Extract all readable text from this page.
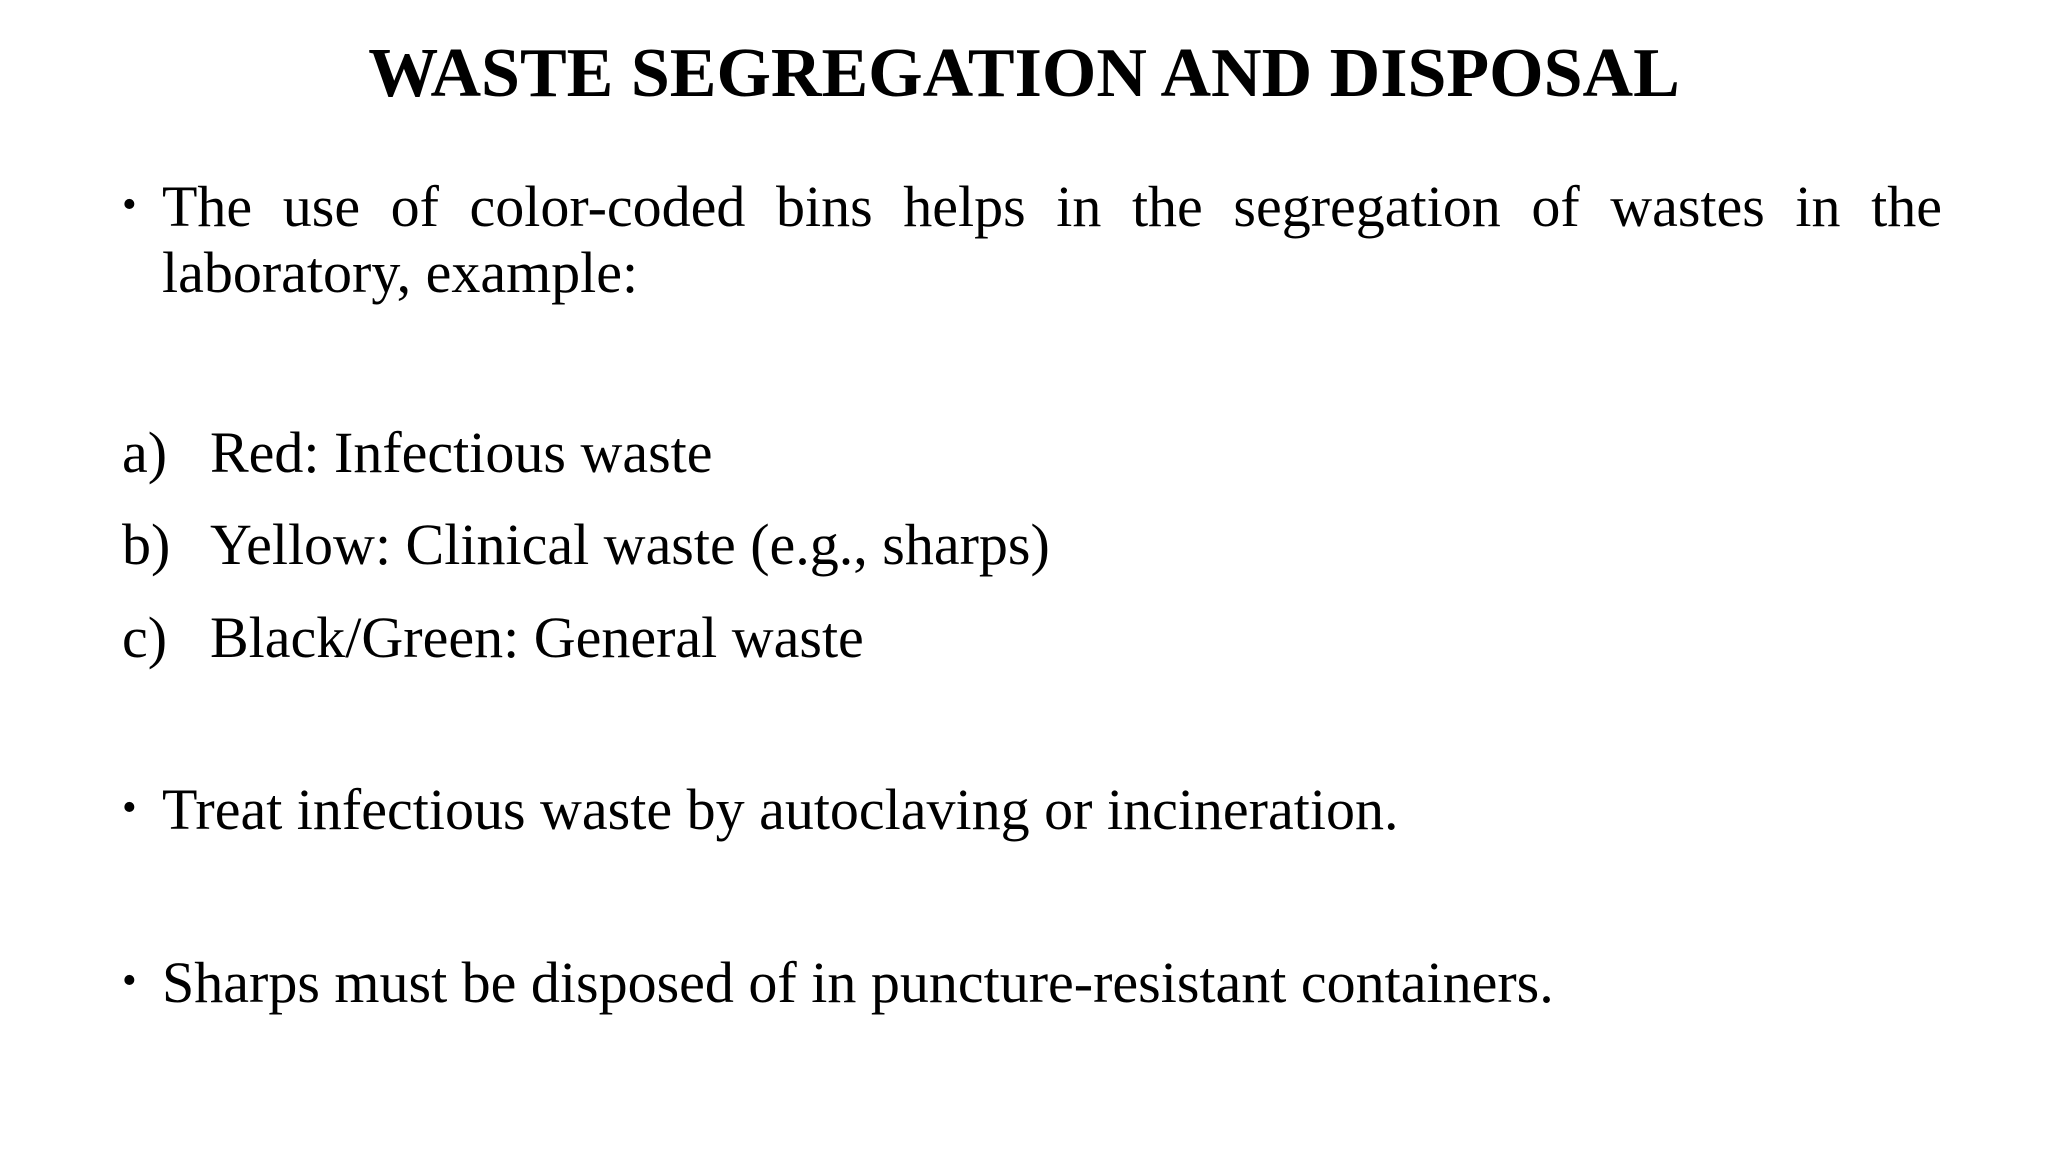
WASTE SEGREGATION AND DISPOSAL
• The use of color-coded bins helps in the segregation of wastes in the laboratory, example:
a) Red: Infectious waste
b) Yellow: Clinical waste (e.g., sharps)
c) Black/Green: General waste
• Treat infectious waste by autoclaving or incineration.
• Sharps must be disposed of in puncture-resistant containers.
